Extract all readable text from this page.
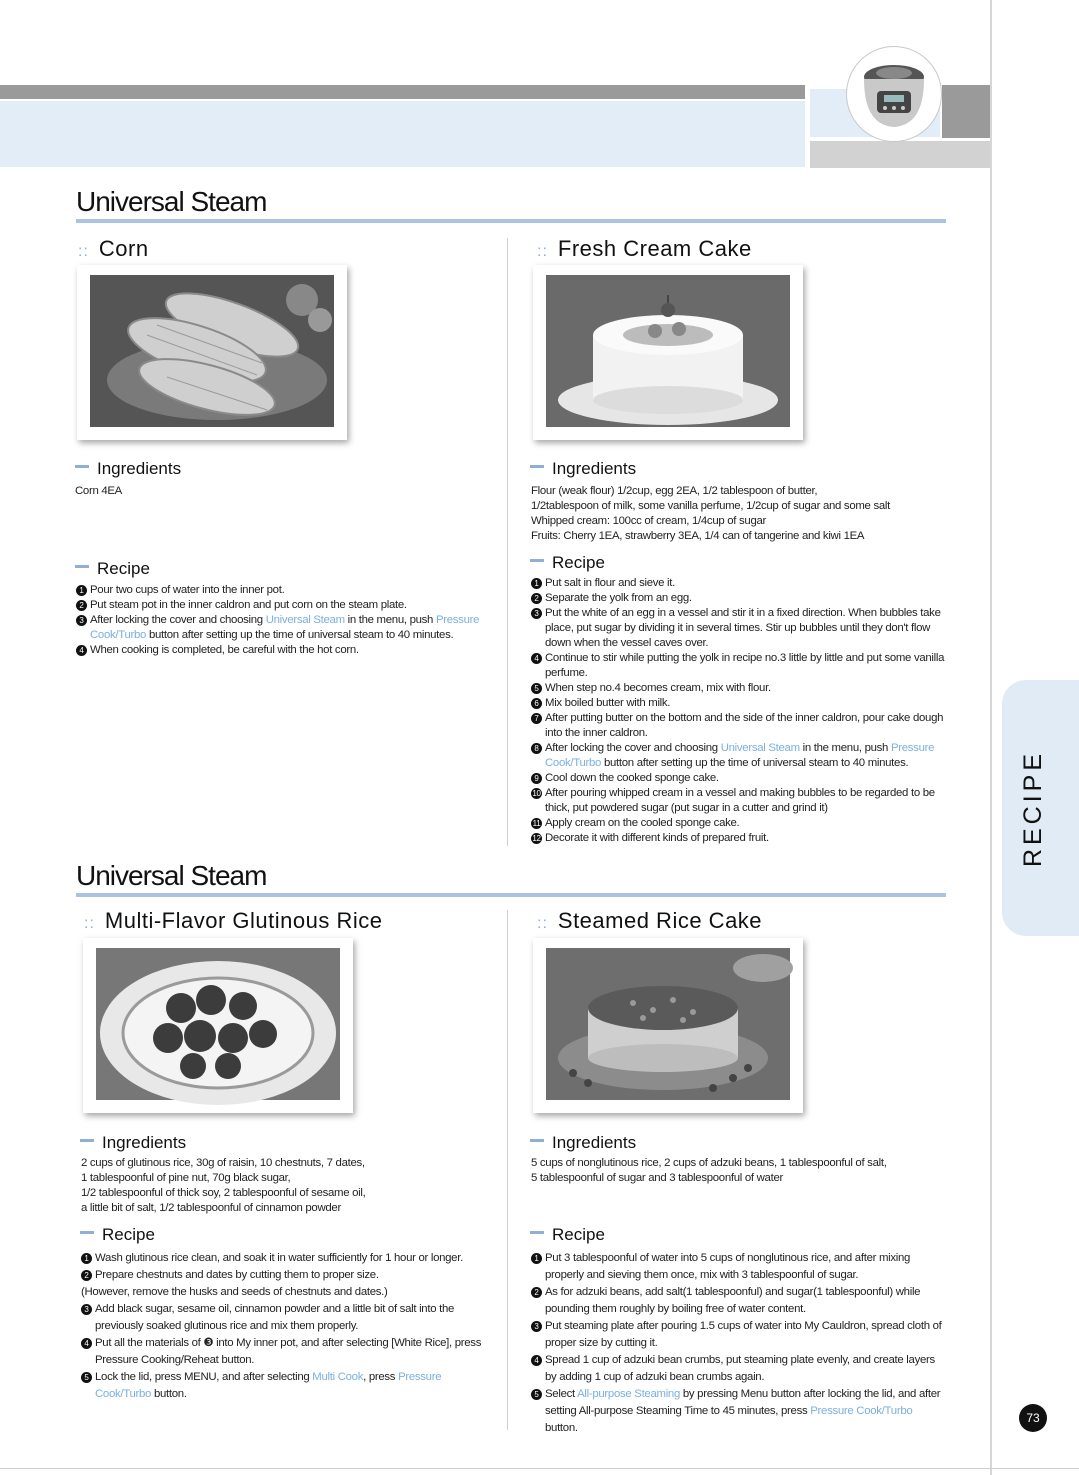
Universal Steam
:: Corn
Ingredients
Corn 4EA
Recipe

1 Pour two cups of water into the inner pot.

2 Put steam pot in the inner caldron and put corn on the steam plate.

3 After locking the cover and choosing Universal Steam in the menu, push Pressure Cook/Turbo button after setting up the time of universal steam to 40 minutes.

4 When cooking is completed, be careful with the hot corn.

:: Fresh Cream Cake
Ingredients
Flour (weak flour) 1/2cup, egg 2EA, 1/2 tablespoon of butter,
1/2tablespoon of milk, some vanilla perfume, 1/2cup of sugar and some salt
Whipped cream: 100cc of cream, 1/4cup of sugar
Fruits: Cherry 1EA, strawberry 3EA, 1/4 can of tangerine and kiwi 1EA
Recipe

1 Put salt in flour and sieve it.

2 Separate the yolk from an egg.

3 Put the white of an egg in a vessel and stir it in a fixed direction. When bubbles take place, put sugar by dividing it in several times. Stir up bubbles until they don't flow down when the vessel caves over.

4 Continue to stir while putting the yolk in recipe no.3 little by little and put some vanilla perfume.

5 When step no.4 becomes cream, mix with flour.

6 Mix boiled butter with milk.

7 After putting butter on the bottom and the side of the inner caldron, pour cake dough into the inner caldron.

8 After locking the cover and choosing Universal Steam in the menu, push Pressure Cook/Turbo button after setting up the time of universal steam to 40 minutes.

9 Cool down the cooked sponge cake.

10 After pouring whipped cream in a vessel and making bubbles to be regarded to be thick, put powdered sugar (put sugar in a cutter and grind it)

11 Apply cream on the cooled sponge cake.

12 Decorate it with different kinds of prepared fruit.

Universal Steam
:: Multi-Flavor Glutinous Rice
Ingredients
2 cups of glutinous rice, 30g of raisin, 10 chestnuts, 7 dates,
1 tablespoonful of pine nut, 70g black sugar,
1/2 tablespoonful of thick soy, 2 tablespoonful of sesame oil,
a little bit of salt, 1/2 tablespoonful of cinnamon powder
Recipe

1 Wash glutinous rice clean, and soak it in water sufficiently for 1 hour or longer.

2 Prepare chestnuts and dates by cutting them to proper size.

(However, remove the husks and seeds of chestnuts and dates.)

3 Add black sugar, sesame oil, cinnamon powder and a little bit of salt into the previously soaked glutinous rice and mix them properly.

4 Put all the materials of ❸ into My inner pot, and after selecting [White Rice], press Pressure Cooking/Reheat button.

5 Lock the lid, press MENU, and after selecting Multi Cook, press Pressure Cook/Turbo button.

:: Steamed Rice Cake
Ingredients
5 cups of nonglutinous rice, 2 cups of adzuki beans, 1 tablespoonful of salt,
5 tablespoonful of sugar and 3 tablespoonful of water
Recipe

1 Put 3 tablespoonful of water into 5 cups of nonglutinous rice, and after mixing properly and sieving them once, mix with 3 tablespoonful of sugar.

2 As for adzuki beans, add salt(1 tablespoonful) and sugar(1 tablespoonful) while pounding them roughly by boiling free of water content.

3 Put steaming plate after pouring 1.5 cups of water into My Cauldron, spread cloth of proper size by cutting it.

4 Spread 1 cup of adzuki bean crumbs, put steaming plate evenly, and create layers by adding 1 cup of adzuki bean crumbs again.

5 Select All-purpose Steaming by pressing Menu button after locking the lid, and after setting All-purpose Steaming Time to 45 minutes, press Pressure Cook/Turbo button.

RECIPE
73
